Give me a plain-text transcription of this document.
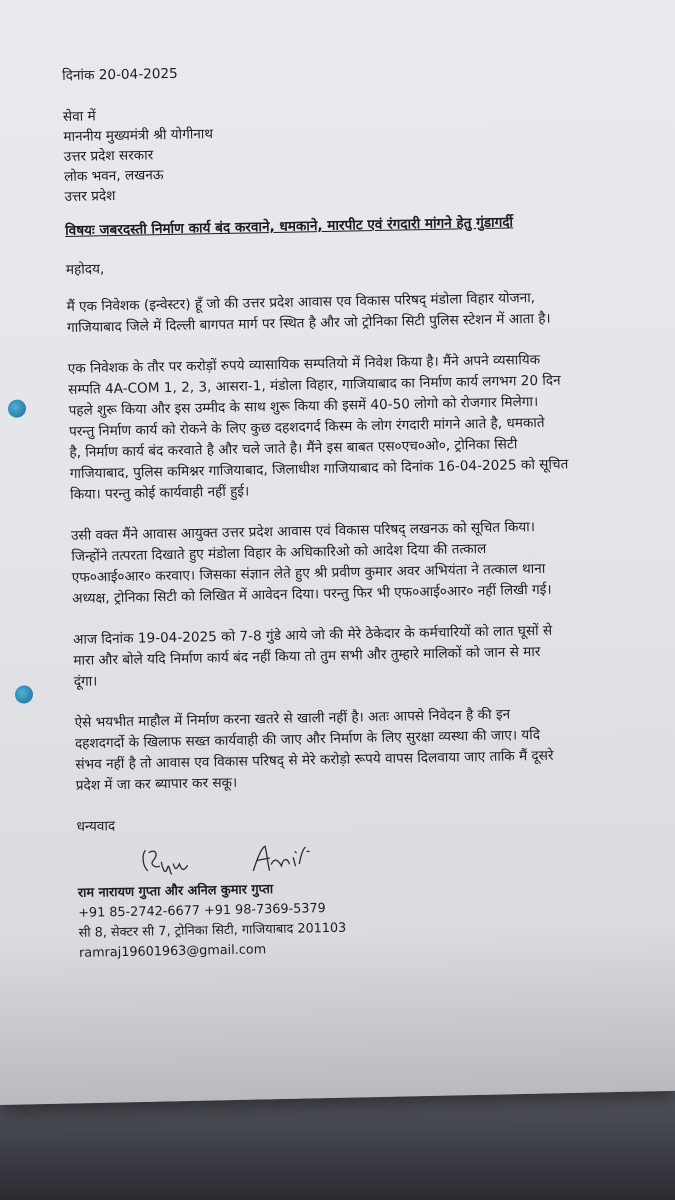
दिनांक 20-04-2025
सेवा में
माननीय मुख्यमंत्री श्री योगीनाथ
उत्तर प्रदेश सरकार
लोक भवन, लखनऊ
उत्तर प्रदेश
विषयः जबरदस्ती निर्माण कार्य बंद करवाने, धमकाने, मारपीट एवं रंगदारी मांगने हेतु गुंडागर्दी
महोदय,
मैं एक निवेशक (इन्वेस्टर) हूँ जो की उत्तर प्रदेश आवास एव विकास परिषद् मंडोला विहार योजना,
गाजियाबाद जिले में दिल्ली बागपत मार्ग पर स्थित है और जो ट्रोनिका सिटी पुलिस स्टेशन में आता है।
एक निवेशक के तौर पर करोड़ों रुपये व्यासायिक सम्पतियो में निवेश किया है। मैंने अपने व्यसायिक
सम्पति 4A-COM 1, 2, 3, आसरा-1, मंडोला विहार, गाजियाबाद का निर्माण कार्य लगभग 20 दिन
पहले शुरू किया और इस उम्मीद के साथ शुरू किया की इसमें 40-50 लोगो को रोजगार मिलेगा।
परन्तु निर्माण कार्य को रोकने के लिए कुछ दहशदगर्द किस्म के लोग रंगदारी मांगने आते है, धमकाते
है, निर्माण कार्य बंद करवाते है और चले जाते है। मैंने इस बाबत एस०एच०ओ०, ट्रोनिका सिटी
गाजियाबाद, पुलिस कमिश्नर गाजियाबाद, जिलाधीश गाजियाबाद को दिनांक 16-04-2025 को सूचित
किया। परन्तु कोई कार्यवाही नहीं हुई।
उसी वक्त मैंने आवास आयुक्त उत्तर प्रदेश आवास एवं विकास परिषद् लखनऊ को सूचित किया।
जिन्होंने तत्परता दिखाते हुए मंडोला विहार के अधिकारिओ को आदेश दिया की तत्काल
एफ०आई०आर० करवाए। जिसका संज्ञान लेते हुए श्री प्रवीण कुमार अवर अभियंता ने तत्काल थाना
अध्यक्ष, ट्रोनिका सिटी को लिखित में आवेदन दिया। परन्तु फिर भी एफ०आई०आर० नहीं लिखी गई।
आज दिनांक 19-04-2025 को 7-8 गुंडे आये जो की मेरे ठेकेदार के कर्मचारियों को लात घूसों से
मारा और बोले यदि निर्माण कार्य बंद नहीं किया तो तुम सभी और तुम्हारे मालिकों को जान से मार
दूंगा।
ऐसे भयभीत माहौल में निर्माण करना खतरे से खाली नहीं है। अतः आपसे निवेदन है की इन
दहशदगर्दो के खिलाफ सख्त कार्यवाही की जाए और निर्माण के लिए सुरक्षा व्यस्था की जाए। यदि
संभव नहीं है तो आवास एव विकास परिषद् से मेरे करोड़ो रूपये वापस दिलवाया जाए ताकि मैं दूसरे
प्रदेश में जा कर ब्यापार कर सकू।
धन्यवाद
राम नारायण गुप्ता और अनिल कुमार गुप्ता
+91 85-2742-6677 +91 98-7369-5379
सी 8, सेक्टर सी 7, ट्रोनिका सिटी, गाजियाबाद 201103
ramraj19601963@gmail.com
